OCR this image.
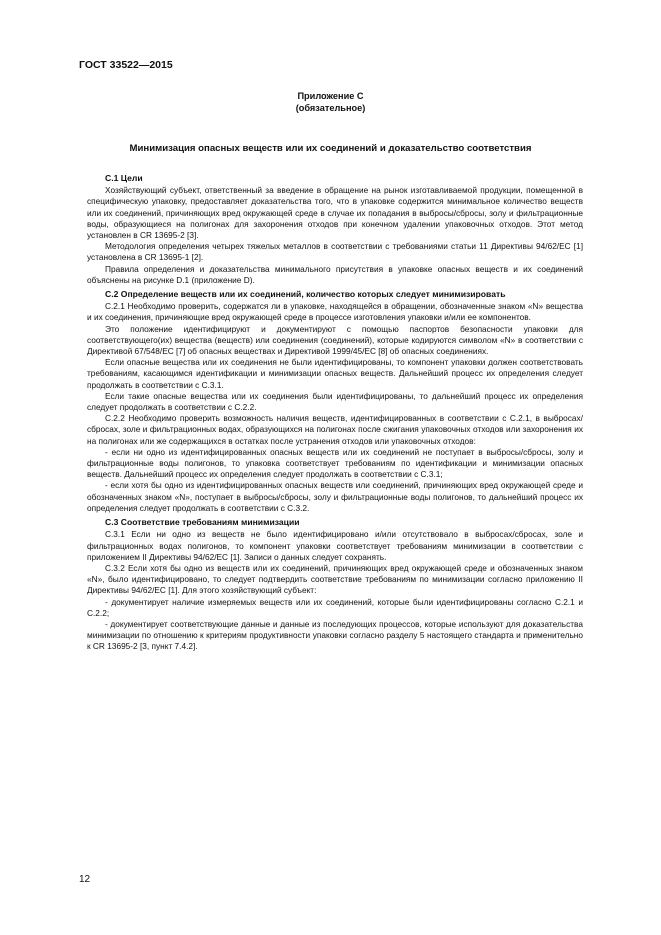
ГОСТ 33522—2015
Приложение С
(обязательное)
Минимизация опасных веществ или их соединений и доказательство соответствия
С.1 Цели

Хозяйствующий субъект, ответственный за введение в обращение на рынок изготавливаемой продукции, помещенной в специфическую упаковку, предоставляет доказательства того, что в упаковке содержится минимальное количество веществ или их соединений, причиняющих вред окружающей среде в случае их попадания в выбросы/сбросы, золу и фильтрационные воды, образующиеся на полигонах для захоронения отходов при конечном удалении упаковочных отходов. Этот метод установлен в CR 13695-2 [3].

Методология определения четырех тяжелых металлов в соответствии с требованиями статьи 11 Директивы 94/62/ЕС [1] установлена в CR 13695-1 [2].

Правила определения и доказательства минимального присутствия в упаковке опасных веществ и их соединений объяснены на рисунке D.1 (приложение D).

С.2 Определение веществ или их соединений, количество которых следует минимизировать

С.2.1 Необходимо проверить, содержатся ли в упаковке, находящейся в обращении, обозначенные знаком «N» вещества и их соединения, причиняющие вред окружающей среде в процессе изготовления упаковки и/или ее компонентов.

Это положение идентифицируют и документируют с помощью паспортов безопасности упаковки для соответствующего(их) вещества (веществ) или соединения (соединений), которые кодируются символом «N» в соответствии с Директивой 67/548/ЕС [7] об опасных веществах и Директивой 1999/45/ЕС [8] об опасных соединениях.

Если опасные вещества или их соединения не были идентифицированы, то компонент упаковки должен соответствовать требованиям, касающимся идентификации и минимизации опасных веществ. Дальнейший процесс их определения следует продолжать в соответствии с С.3.1.

Если такие опасные вещества или их соединения были идентифицированы, то дальнейший процесс их определения следует продолжать в соответствии с С.2.2.

С.2.2 Необходимо проверить возможность наличия веществ, идентифицированных в соответствии с С.2.1, в выбросах/сбросах, золе и фильтрационных водах, образующихся на полигонах после сжигания упаковочных отходов или захоронения их на полигонах или же содержащихся в остатках после устранения отходов или упаковочных отходов:

- если ни одно из идентифицированных опасных веществ или их соединений не поступает в выбросы/сбросы, золу и фильтрационные воды полигонов, то упаковка соответствует требованиям по идентификации и минимизации опасных веществ. Дальнейший процесс их определения следует продолжать в соответствии с С.3.1;

- если хотя бы одно из идентифицированных опасных веществ или соединений, причиняющих вред окружающей среде и обозначенных знаком «N», поступает в выбросы/сбросы, золу и фильтрационные воды полигонов, то дальнейший процесс их определения следует продолжать в соответствии с С.3.2.

С.3 Соответствие требованиям минимизации

С.3.1 Если ни одно из веществ не было идентифицировано и/или отсутствовало в выбросах/сбросах, золе и фильтрационных водах полигонов, то компонент упаковки соответствует требованиям минимизации в соответствии с приложением II Директивы 94/62/ЕС [1]. Записи о данных следует сохранять.

С.3.2 Если хотя бы одно из веществ или их соединений, причиняющих вред окружающей среде и обозначенных знаком «N», было идентифицировано, то следует подтвердить соответствие требованиям по минимизации согласно приложению II Директивы 94/62/ЕС [1]. Для этого хозяйствующий субъект:

- документирует наличие измеряемых веществ или их соединений, которые были идентифицированы согласно С.2.1 и С.2.2;

- документирует соответствующие данные и данные из последующих процессов, которые используют для доказательства минимизации по отношению к критериям продуктивности упаковки согласно разделу 5 настоящего стандарта и применительно к CR 13695-2 [3, пункт 7.4.2].

12
